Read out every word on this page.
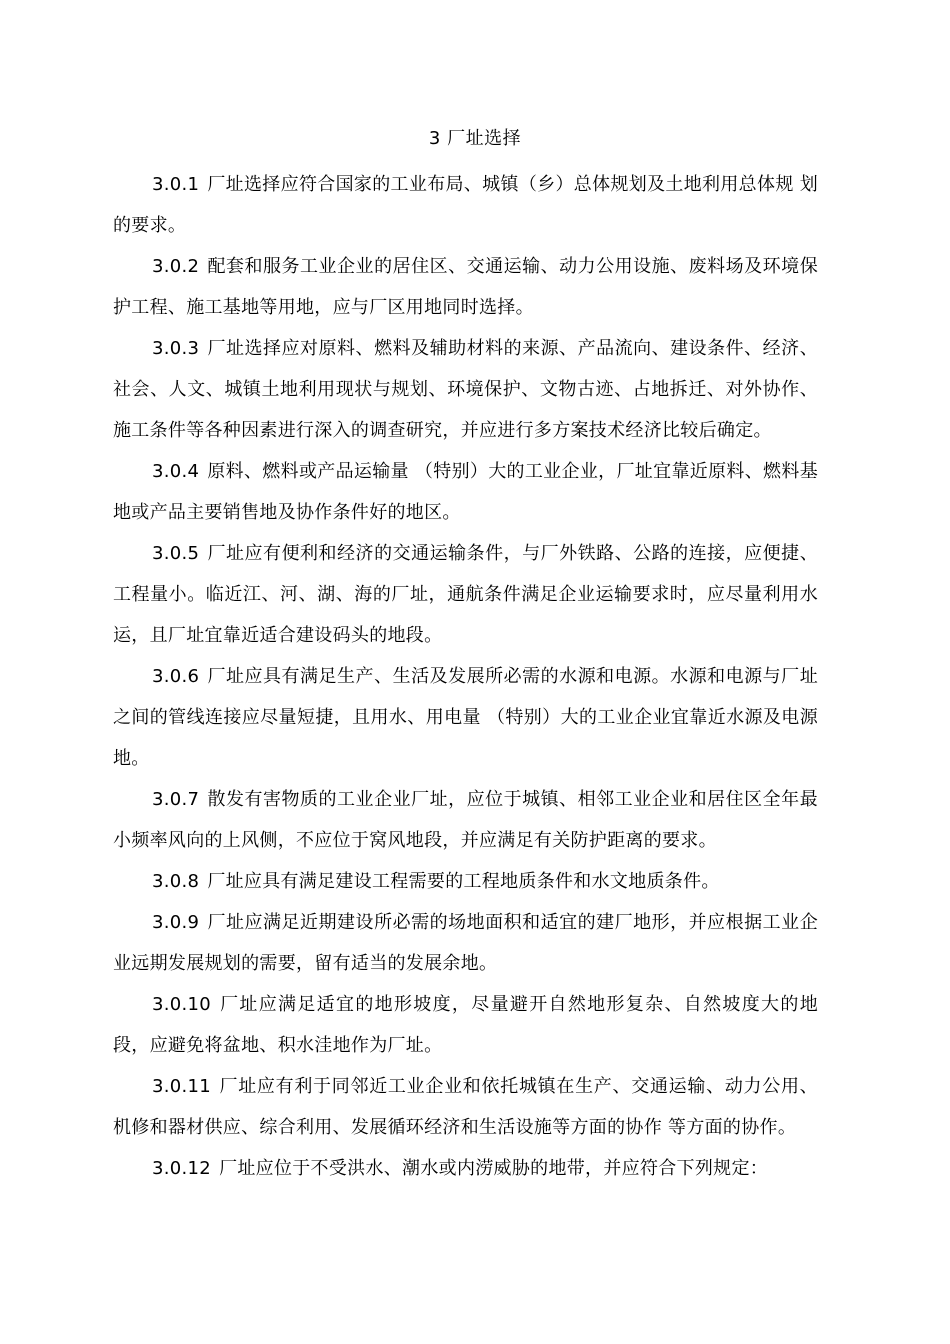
3 厂址选择

3.0.1 厂址选择应符合国家的工业布局、城镇（乡）总体规划及土地利用总体规 划的要求。

3.0.2 配套和服务工业企业的居住区、交通运输、动力公用设施、废料场及环境保护工程、施工基地等用地，应与厂区用地同时选择。

3.0.3 厂址选择应对原料、燃料及辅助材料的来源、产品流向、建设条件、经济、社会、人文、城镇土地利用现状与规划、环境保护、文物古迹、占地拆迁、对外协作、施工条件等各种因素进行深入的调查研究，并应进行多方案技术经济比较后确定。

3.0.4 原料、燃料或产品运输量 （特别）大的工业企业，厂址宜靠近原料、燃料基地或产品主要销售地及协作条件好的地区。

3.0.5 厂址应有便利和经济的交通运输条件，与厂外铁路、公路的连接，应便捷、工程量小。临近江、河、湖、海的厂址，通航条件满足企业运输要求时，应尽量利用水运，且厂址宜靠近适合建设码头的地段。

3.0.6 厂址应具有满足生产、生活及发展所必需的水源和电源。水源和电源与厂址之间的管线连接应尽量短捷，且用水、用电量 （特别）大的工业企业宜靠近水源及电源地。

3.0.7 散发有害物质的工业企业厂址，应位于城镇、相邻工业企业和居住区全年最小频率风向的上风侧，不应位于窝风地段，并应满足有关防护距离的要求。

3.0.8 厂址应具有满足建设工程需要的工程地质条件和水文地质条件。

3.0.9 厂址应满足近期建设所必需的场地面积和适宜的建厂地形，并应根据工业企业远期发展规划的需要，留有适当的发展余地。

3.0.10 厂址应满足适宜的地形坡度，尽量避开自然地形复杂、自然坡度大的地段，应避免将盆地、积水洼地作为厂址。

3.0.11 厂址应有利于同邻近工业企业和依托城镇在生产、交通运输、动力公用、机修和器材供应、综合利用、发展循环经济和生活设施等方面的协作 等方面的协作。

3.0.12 厂址应位于不受洪水、潮水或内涝威胁的地带，并应符合下列规定：
